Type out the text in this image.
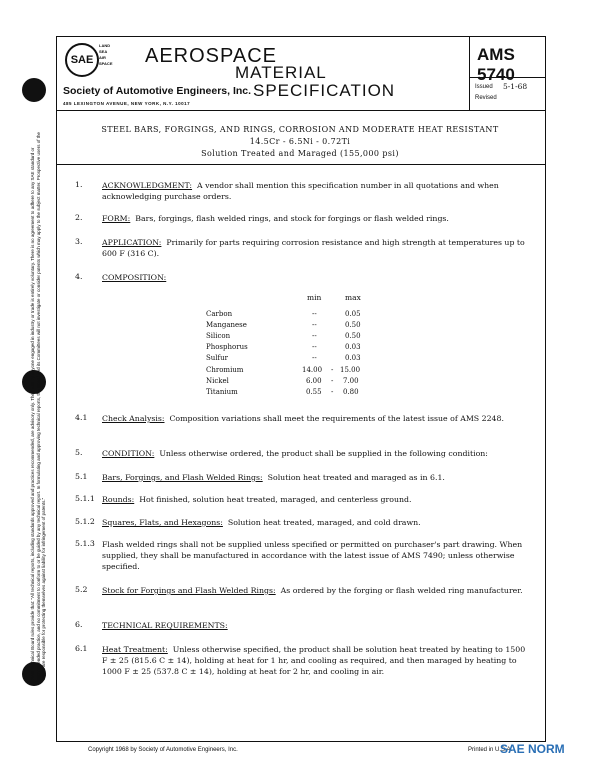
SAE
LAND
SEA
AIR
SPACE AEROSPACE
MATERIAL
SPECIFICATION
Society of Automotive Engineers, Inc.
485 LEXINGTON AVENUE, NEW YORK, N.Y. 10017
AMS 5740
Issued 5-1-68
Revised
STEEL BARS, FORGINGS, AND RINGS, CORROSION AND MODERATE HEAT RESISTANT
14.5Cr - 6.5Ni - 0.72Ti
Solution Treated and Maraged (155,000 psi)
1.	ACKNOWLEDGMENT: A vendor shall mention this specification number in all quotations and when acknowledging purchase orders.
2.	FORM: Bars, forgings, flash welded rings, and stock for forgings or flash welded rings.
3.	APPLICATION: Primarily for parts requiring corrosion resistance and high strength at temperatures up to 600 F (316 C).
4.	COMPOSITION:
min	max
Carbon	--	0.05
Manganese	--	0.50
Silicon	--	0.50
Phosphorus	--	0.03
Sulfur	--	0.03
Chromium	14.00 - 15.00
Nickel	6.00 - 7.00
Titanium	0.55 - 0.80
4.1 Check Analysis: Composition variations shall meet the requirements of the latest issue of AMS 2248.
5.	CONDITION: Unless otherwise ordered, the product shall be supplied in the following condition:
5.1 Bars, Forgings, and Flash Welded Rings: Solution heat treated and maraged as in 6.1.
5.1.1 Rounds: Hot finished, solution heat treated, maraged, and centerless ground.
5.1.2 Squares, Flats, and Hexagons: Solution heat treated, maraged, and cold drawn.
5.1.3 Flash welded rings shall not be supplied unless specified or permitted on purchaser's part drawing. When supplied, they shall be manufactured in accordance with the latest issue of AMS 7490; unless otherwise specified.
5.2 Stock for Forgings and Flash Welded Rings: As ordered by the forging or flash welded ring manufacturer.
6.	TECHNICAL REQUIREMENTS:
6.1 Heat Treatment: Unless otherwise specified, the product shall be solution heat treated by heating to 1500 F ± 25 (815.6 C ± 14), holding at heat for 1 hr, and cooling as required, and then maraged by heating to 1000 F ± 25 (537.8 C ± 14), holding at heat for 2 hr, and cooling in air.
SAE Technical Board rules provide that: "All technical reports, including standards approved and practices recommended, are advisory only. Their use by anyone engaged in industry or trade is entirely voluntary. There is no agreement to adhere to any SAE standard or recommended practice, and no commitment to conform to or be guided by any technical report. In formulating and approving technical reports, the Board and its Committees will not investigate or consider patents which may apply to the subject matter. Prospective users of the report are responsible for protecting themselves against liability for infringement of patents."
Copyright 1968 by Society of Automotive Engineers, Inc.	Printed in U.S.A.
SAE NORM
